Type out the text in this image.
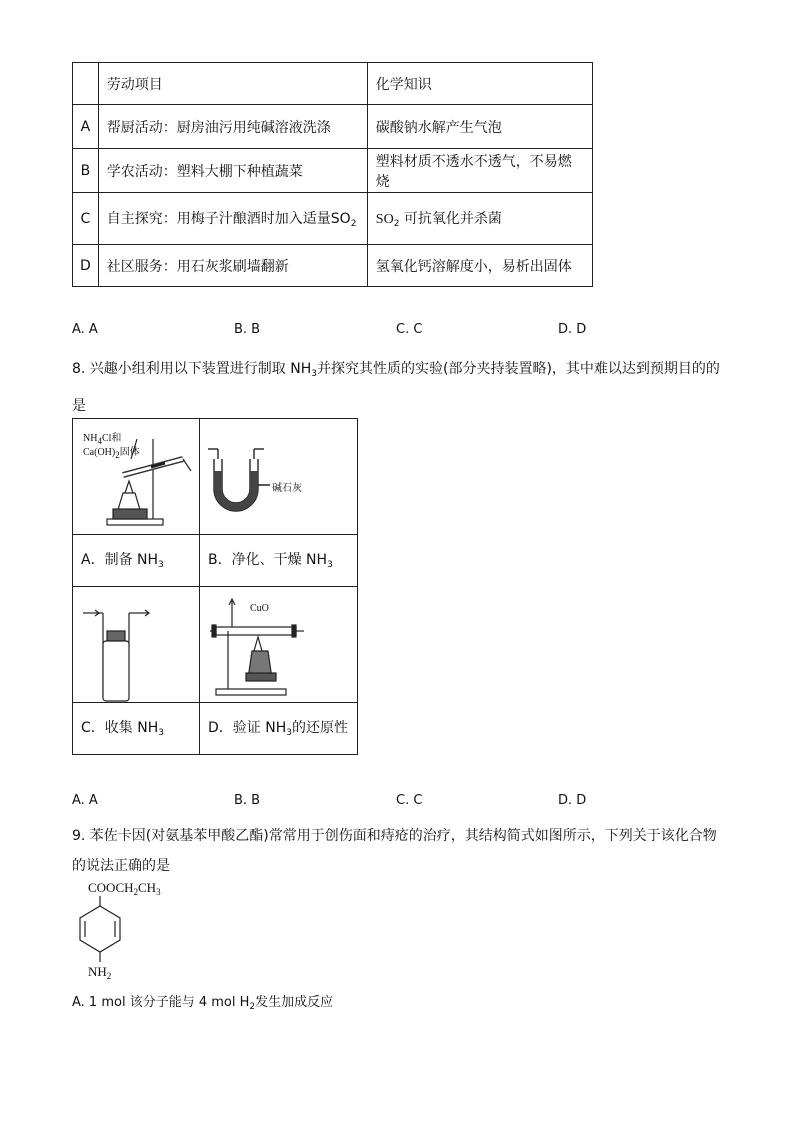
	劳动项目	化学知识
A	帮厨活动：厨房油污用纯碱溶液洗涤	碳酸钠水解产生气泡
B	学农活动：塑料大棚下种植蔬菜	塑料材质不透水不透气，不易燃烧
C	自主探究：用梅子汁酿酒时加入适量$SO_2$	$SO_2$ 可抗氧化并杀菌
D	社区服务：用石灰浆刷墙翻新	氢氧化钙溶解度小，易析出固体
A. A	B. B	C. C	D. D
8. 兴趣小组利用以下装置进行制取 $NH_3$并探究其性质的实验(部分夹持装置略)，其中难以达到预期目的的
是
$NH_4Cl$和
$Ca(OH)_2$固体
碱石灰
A．制备 $NH_3$	B．净化、干燥 $NH_3$
CuO
C．收集 $NH_3$	D．验证 $NH_3$的还原性
A. A	B. B	C. C	D. D
9. 苯佐卡因(对氨基苯甲酸乙酯)常常用于创伤面和痔疮的治疗，其结构简式如图所示，下列关于该化合物
的说法正确的是
$COOCH_2CH_3$
$NH_2$
A. 1 mol 该分子能与 4 mol $H_2$发生加成反应
